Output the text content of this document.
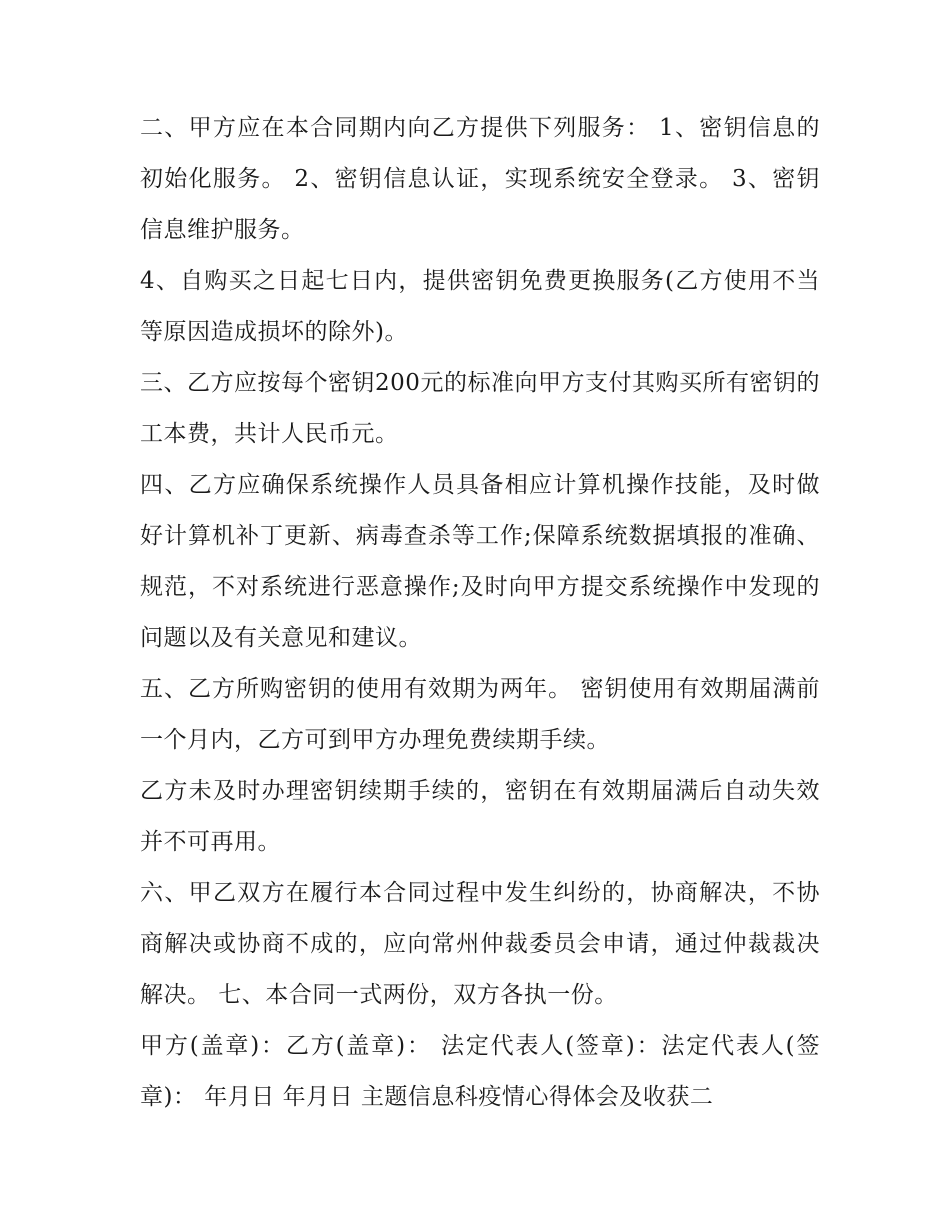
二、甲方应在本合同期内向乙方提供下列服务： 1、密钥信息的初始化服务。 2、密钥信息认证，实现系统安全登录。 3、密钥信息维护服务。

4、自购买之日起七日内，提供密钥免费更换服务(乙方使用不当等原因造成损坏的除外)。

三、乙方应按每个密钥200元的标准向甲方支付其购买所有密钥的工本费，共计人民币元。

四、乙方应确保系统操作人员具备相应计算机操作技能，及时做好计算机补丁更新、病毒查杀等工作;保障系统数据填报的准确、规范，不对系统进行恶意操作;及时向甲方提交系统操作中发现的问题以及有关意见和建议。

五、乙方所购密钥的使用有效期为两年。 密钥使用有效期届满前一个月内，乙方可到甲方办理免费续期手续。

乙方未及时办理密钥续期手续的，密钥在有效期届满后自动失效并不可再用。

六、甲乙双方在履行本合同过程中发生纠纷的，协商解决，不协商解决或协商不成的，应向常州仲裁委员会申请，通过仲裁裁决解决。 七、本合同一式两份，双方各执一份。

甲方(盖章)：乙方(盖章)： 法定代表人(签章)：法定代表人(签章)： 年月日 年月日 主题信息科疫情心得体会及收获二
